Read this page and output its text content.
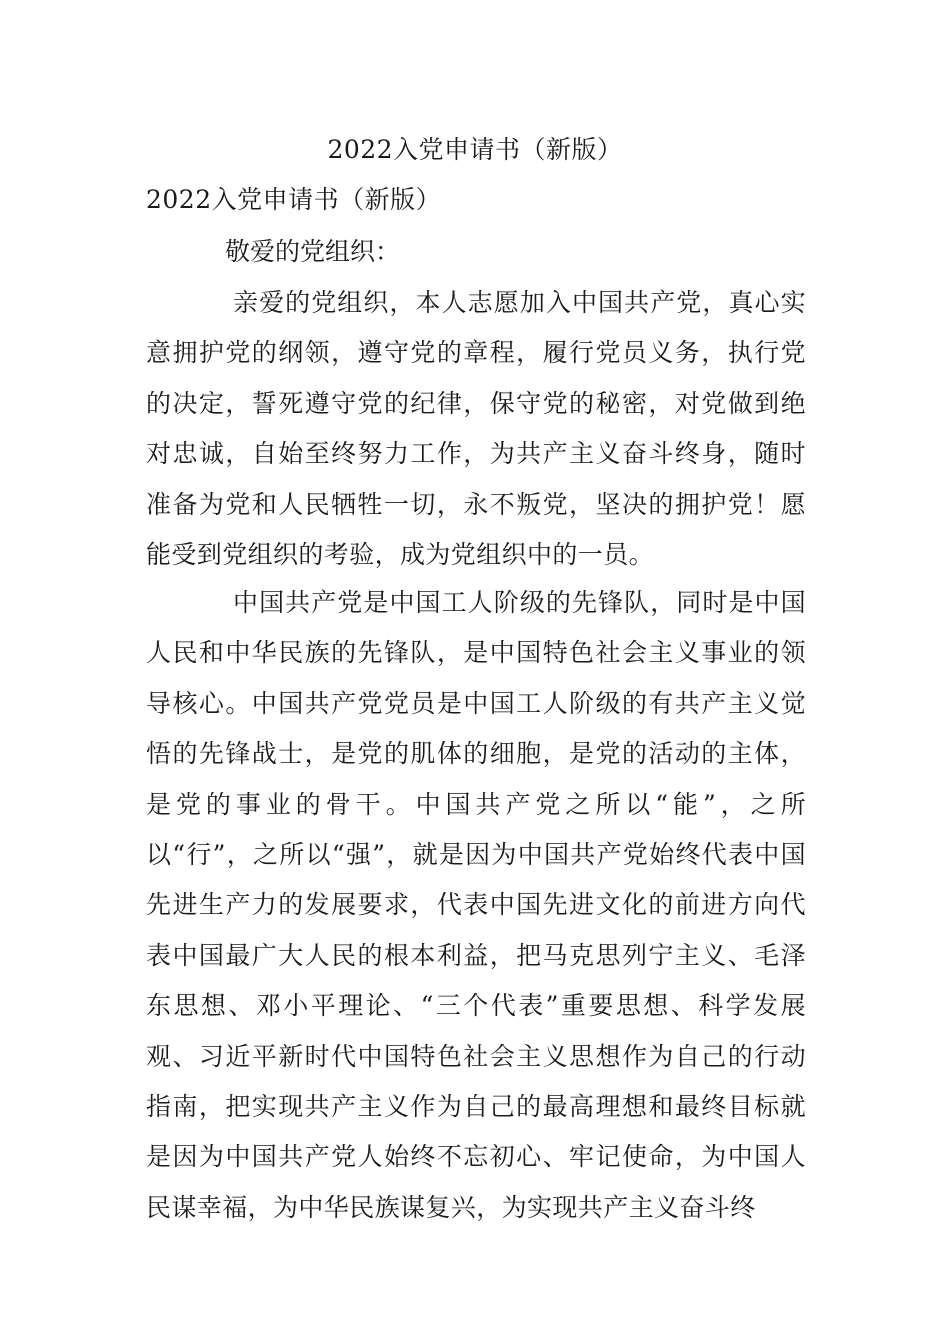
2022入党申请书（新版）
2022入党申请书（新版）

敬爱的党组织：

亲爱的党组织，本人志愿加入中国共产党，真心实意拥护党的纲领，遵守党的章程，履行党员义务，执行党的决定，誓死遵守党的纪律，保守党的秘密，对党做到绝对忠诚，自始至终努力工作，为共产主义奋斗终身，随时准备为党和人民牺牲一切，永不叛党，坚决的拥护党！愿能受到党组织的考验，成为党组织中的一员。

中国共产党是中国工人阶级的先锋队，同时是中国人民和中华民族的先锋队，是中国特色社会主义事业的领导核心。中国共产党党员是中国工人阶级的有共产主义觉悟的先锋战士，是党的肌体的细胞，是党的活动的主体，是党的事业的骨干。中国共产党之所以“能”，之所以“行”，之所以“强”，就是因为中国共产党始终代表中国先进生产力的发展要求，代表中国先进文化的前进方向代表中国最广大人民的根本利益，把马克思列宁主义、毛泽东思想、邓小平理论、“三个代表”重要思想、科学发展观、习近平新时代中国特色社会主义思想作为自己的行动指南，把实现共产主义作为自己的最高理想和最终目标就是因为中国共产党人始终不忘初心、牢记使命，为中国人民谋幸福，为中华民族谋复兴，为实现共产主义奋斗终
